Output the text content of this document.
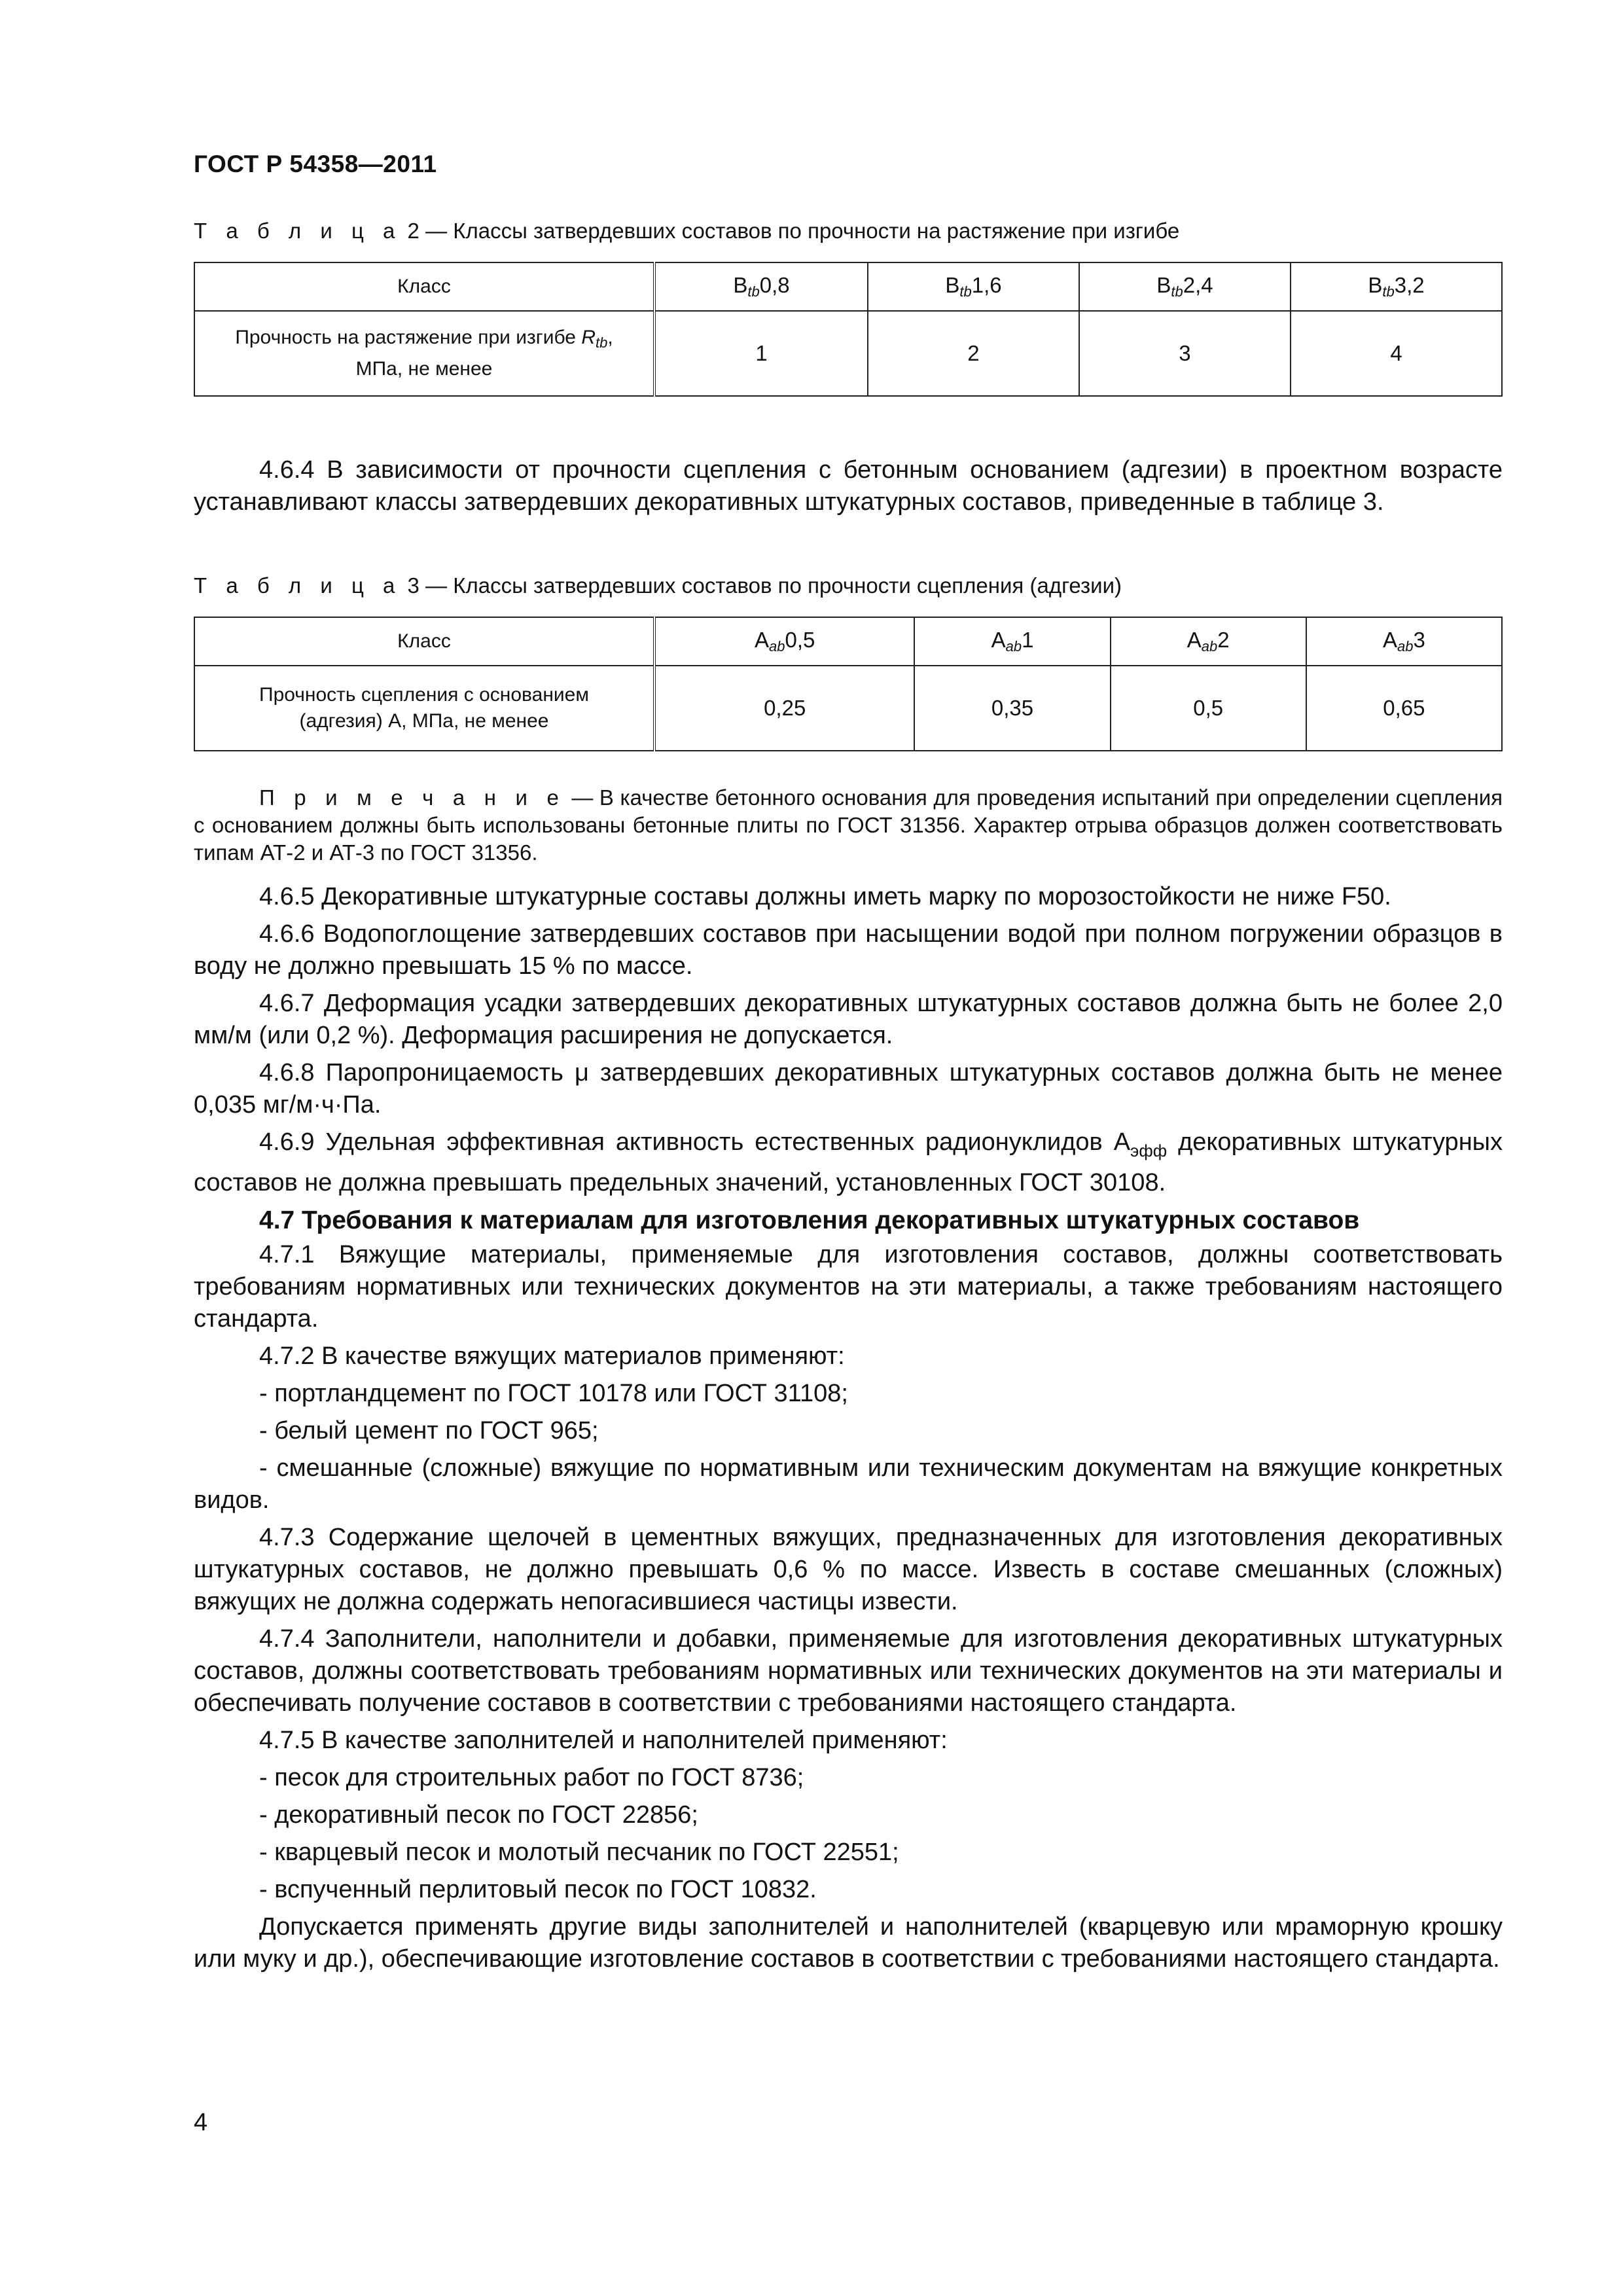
ГОСТ Р 54358—2011
Т а б л и ц а 2 — Классы затвердевших составов по прочности на растяжение при изгибе
Класс	$B_{tb}0,8$	$B_{tb}1,6$	$B_{tb}2,4$	$B_{tb}3,2$
Прочность на растяжение при изгибе $R_{tb}$,
МПа, не менее	1	2	3	4

4.6.4 В зависимости от прочности сцепления с бетонным основанием (адгезии) в проектном возрасте устанавливают классы затвердевших декоративных штукатурных составов, приведенные в таблице 3.

Т а б л и ц а 3 — Классы затвердевших составов по прочности сцепления (адгезии)
Класс	$A_{ab}0,5$	$A_{ab}1$	$A_{ab}2$	$A_{ab}3$
Прочность сцепления с основанием
(адгезия) А, МПа, не менее	0,25	0,35	0,5	0,65

П р и м е ч а н и е — В качестве бетонного основания для проведения испытаний при определении сцепления с основанием должны быть использованы бетонные плиты по ГОСТ 31356. Характер отрыва образцов должен соответствовать типам АТ-2 и АТ-3 по ГОСТ 31356.

4.6.5 Декоративные штукатурные составы должны иметь марку по морозостойкости не ниже F50.

4.6.6 Водопоглощение затвердевших составов при насыщении водой при полном погружении образцов в воду не должно превышать 15 % по массе.

4.6.7 Деформация усадки затвердевших декоративных штукатурных составов должна быть не более 2,0 мм/м (или 0,2 %). Деформация расширения не допускается.

4.6.8 Паропроницаемость μ затвердевших декоративных штукатурных составов должна быть не менее 0,035 мг/м·ч·Па.

4.6.9 Удельная эффективная активность естественных радионуклидов $А_{эфф}$ декоративных штукатурных составов не должна превышать предельных значений, установленных ГОСТ 30108.

4.7 Требования к материалам для изготовления декоративных штукатурных составов

4.7.1 Вяжущие материалы, применяемые для изготовления составов, должны соответствовать требованиям нормативных или технических документов на эти материалы, а также требованиям настоящего стандарта.

4.7.2 В качестве вяжущих материалов применяют:

- портландцемент по ГОСТ 10178 или ГОСТ 31108;

- белый цемент по ГОСТ 965;

- смешанные (сложные) вяжущие по нормативным или техническим документам на вяжущие конкретных видов.

4.7.3 Содержание щелочей в цементных вяжущих, предназначенных для изготовления декоративных штукатурных составов, не должно превышать 0,6 % по массе. Известь в составе смешанных (сложных) вяжущих не должна содержать непогасившиеся частицы извести.

4.7.4 Заполнители, наполнители и добавки, применяемые для изготовления декоративных штукатурных составов, должны соответствовать требованиям нормативных или технических документов на эти материалы и обеспечивать получение составов в соответствии с требованиями настоящего стандарта.

4.7.5 В качестве заполнителей и наполнителей применяют:

- песок для строительных работ по ГОСТ 8736;

- декоративный песок по ГОСТ 22856;

- кварцевый песок и молотый песчаник по ГОСТ 22551;

- вспученный перлитовый песок по ГОСТ 10832.

Допускается применять другие виды заполнителей и наполнителей (кварцевую или мраморную крошку или муку и др.), обеспечивающие изготовление составов в соответствии с требованиями настоящего стандарта.

4
